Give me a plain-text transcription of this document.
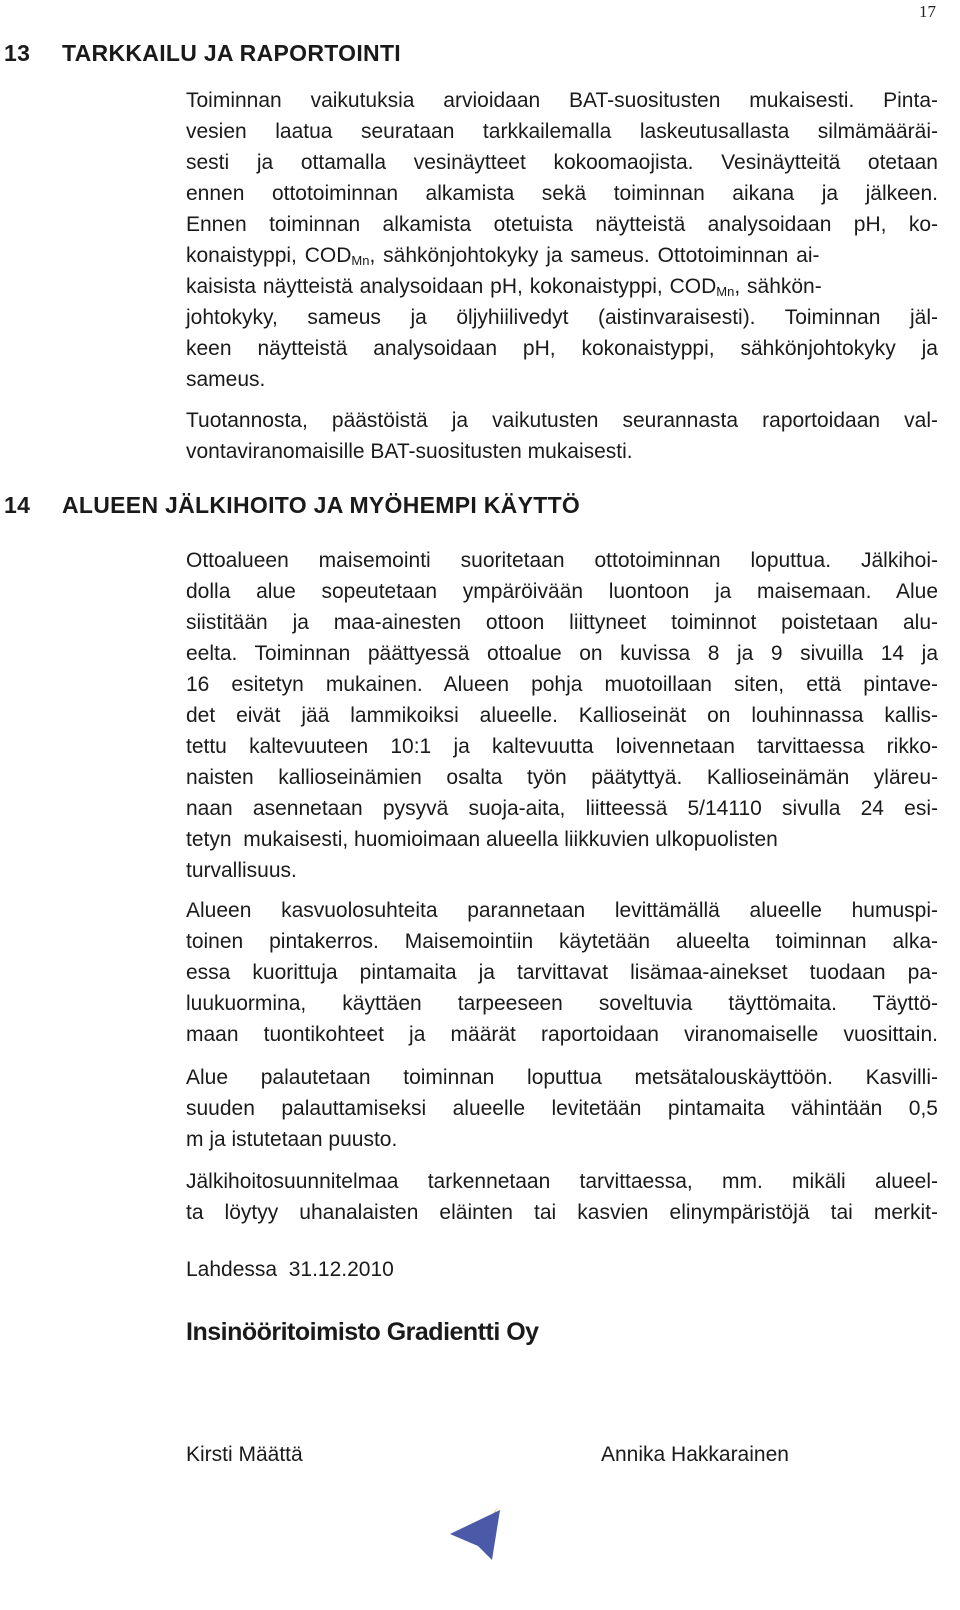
17
13 TARKKAILU JA RAPORTOINTI
Toiminnan vaikutuksia arvioidaan BAT-suositusten mukaisesti. Pinta-
vesien laatua seurataan tarkkailemalla laskeutusallasta silmämääräi-
sesti ja ottamalla vesinäytteet kokoomaojista. Vesinäytteitä otetaan
ennen ottotoiminnan alkamista sekä toiminnan aikana ja jälkeen.
Ennen toiminnan alkamista otetuista näytteistä analysoidaan pH, ko-
konaistyppi, $COD_{Mn}$, sähkönjohtokyky ja sameus. Ottotoiminnan ai-
kaisista näytteistä analysoidaan pH, kokonaistyppi, $COD_{Mn}$, sähkön-
johtokyky, sameus ja öljyhiilivedyt (aistinvaraisesti). Toiminnan jäl-
keen näytteistä analysoidaan pH, kokonaistyppi, sähkönjohtokyky ja
sameus.
Tuotannosta, päästöistä ja vaikutusten seurannasta raportoidaan val-
vontaviranomaisille BAT-suositusten mukaisesti.
14 ALUEEN JÄLKIHOITO JA MYÖHEMPI KÄYTTÖ
Ottoalueen maisemointi suoritetaan ottotoiminnan loputtua. Jälkihoi-
dolla alue sopeutetaan ympäröivään luontoon ja maisemaan. Alue
siistitään ja maa-ainesten ottoon liittyneet toiminnot poistetaan alu-
eelta. Toiminnan päättyessä ottoalue on kuvissa 8 ja 9 sivuilla 14 ja
16 esitetyn mukainen. Alueen pohja muotoillaan siten, että pintave-
det eivät jää lammikoiksi alueelle. Kallioseinät on louhinnassa kallis-
tettu kaltevuuteen 10:1 ja kaltevuutta loivennetaan tarvittaessa rikko-
naisten kallioseinämien osalta työn päätyttyä. Kallioseinämän yläreu-
naan asennetaan pysyvä suoja-aita, liitteessä 5/14110 sivulla 24 esi-
tetyn  mukaisesti, huomioimaan alueella liikkuvien ulkopuolisten
turvallisuus.
Alueen kasvuolosuhteita parannetaan levittämällä alueelle humuspi-
toinen pintakerros. Maisemointiin käytetään alueelta toiminnan alka-
essa kuorittuja pintamaita ja tarvittavat lisämaa-ainekset tuodaan pa-
luukuormina, käyttäen tarpeeseen soveltuvia täyttömaita. Täyttö-
maan tuontikohteet ja määrät raportoidaan viranomaiselle vuosittain.
Alue palautetaan toiminnan loputtua metsätalouskäyttöön. Kasvilli-
suuden palauttamiseksi alueelle levitetään pintamaita vähintään 0,5
m ja istutetaan puusto.
Jälkihoitosuunnitelmaa tarkennetaan tarvittaessa, mm. mikäli alueel-
ta löytyy uhanalaisten eläinten tai kasvien elinympäristöjä tai merkit-
Lahdessa  31.12.2010
Insinööritoimisto Gradientti Oy
Kirsti Määttä	Annika Hakkarainen
